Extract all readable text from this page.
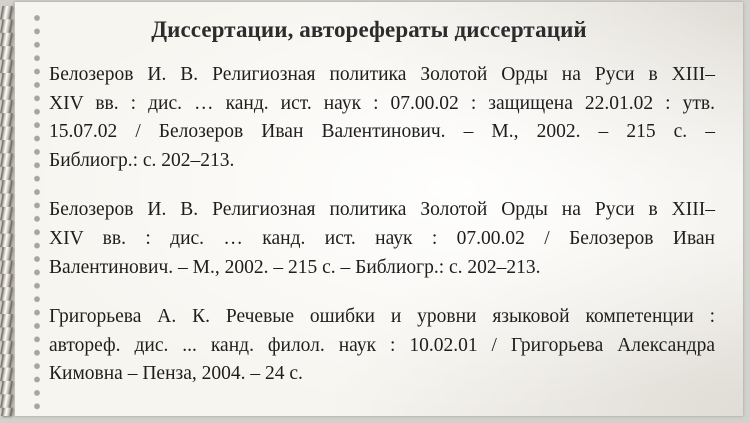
Диссертации, авторефераты диссертаций
Белозеров И. В. Религиозная политика Золотой Орды на Руси в XIII–
XIV вв. : дис. … канд. ист. наук : 07.00.02 : защищена 22.01.02 : утв.
15.07.02 / Белозеров Иван Валентинович. – М., 2002. – 215 с. –
Библиогр.: с. 202–213.
Белозеров И. В. Религиозная политика Золотой Орды на Руси в XIII–
XIV вв. : дис. … канд. ист. наук : 07.00.02 / Белозеров Иван
Валентинович. – М., 2002. – 215 с. – Библиогр.: с. 202–213.
Григорьева А. К. Речевые ошибки и уровни языковой компетенции :
автореф. дис. ... канд. филол. наук : 10.02.01 / Григорьева Александра
Кимовна – Пенза, 2004. – 24 с.
